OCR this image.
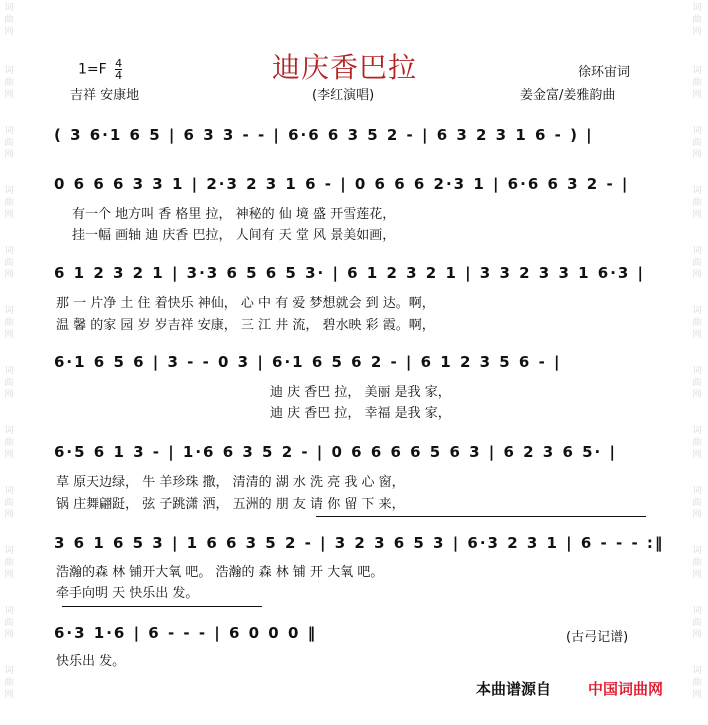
词曲网
词曲网
词曲网
词曲网
词曲网
词曲网
词曲网
词曲网
词曲网
词曲网
词曲网
词曲网
词曲网
词曲网
词曲网
词曲网
词曲网
词曲网
词曲网
词曲网
词曲网
词曲网
词曲网
词曲网
迪庆香巴拉
$1=F \frac{4}{4}$
吉祥 安康地	(李红演唱)
徐环宙词
姜金富/姜雅韵曲
( 3 6·1 6 5 | 6 3 3 - - | 6·6 6 3 5 2 - | 6 3 2 3 1 6 - ) |
0 6 6 6 3 3 1 | 2·3 2 3 1 6 - | 0 6 6 6 2·3 1 | 6·6 6 3 2 - |
有一个 地方叫 香 格里 拉， 神秘的 仙 境 盛 开雪莲花，
挂一幅 画轴 迪 庆香 巴拉， 人间有 天 堂 风 景美如画，
6 1 2 3 2 1 | 3·3 6 5 6 5 3· | 6 1 2 3 2 1 | 3 3 2 3 3 1 6·3 |
那 一 片净 土 住 着快乐 神仙， 心 中 有 爱 梦想就会 到 达。啊，
温 馨 的家 园 岁 岁吉祥 安康， 三 江 井 流， 碧水映 彩 霞。啊，
6·1 6 5 6 | 3 - - 0 3 | 6·1 6 5 6 2 - | 6 1 2 3 5 6 - |
迪 庆 香巴 拉， 美丽 是我 家，
迪 庆 香巴 拉， 幸福 是我 家，
6·5 6 1 3 - | 1·6 6 3 5 2 - | 0 6 6 6 6 5 6 3 | 6 2 3 6 5· |
草 原天边绿， 牛 羊珍珠 撒， 清清的 湖 水 洗 亮 我 心 窗，
锅 庄舞翩跹， 弦 子跳潇 洒， 五洲的 朋 友 请 你 留 下 来，
3 6 1 6 5 3 | 1 6 6 3 5 2 - | 3 2 3 6 5 3 | 6·3 2 3 1 | 6 - - - :‖
浩瀚的森 林 铺开大氧 吧。 浩瀚的 森 林 铺 开 大氧 吧。
牵手向明 天 快乐出 发。
6·3 1·6 | 6 - - - | 6 0 0 0 ‖
快乐出 发。
(古弓记谱)
本曲谱源自 中国词曲网
